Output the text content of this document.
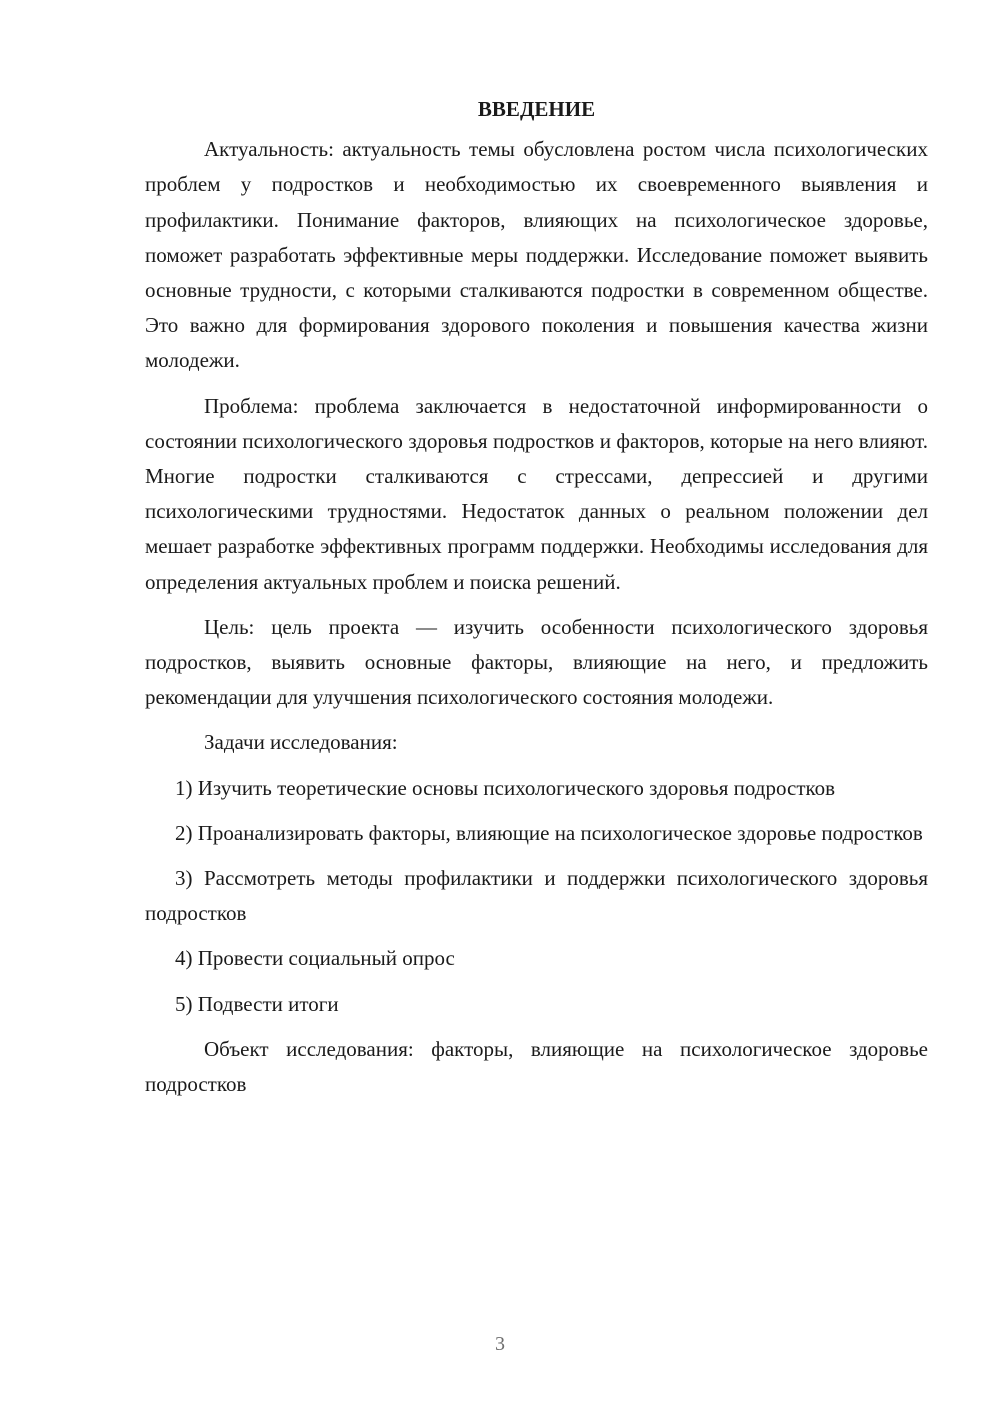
ВВЕДЕНИЕ

Актуальность: актуальность темы обусловлена ростом числа психологических проблем у подростков и необходимостью их своевременного выявления и профилактики. Понимание факторов, влияющих на психологическое здоровье, поможет разработать эффективные меры поддержки. Исследование поможет выявить основные трудности, с которыми сталкиваются подростки в современном обществе. Это важно для формирования здорового поколения и повышения качества жизни молодежи.

Проблема: проблема заключается в недостаточной информированности о состоянии психологического здоровья подростков и факторов, которые на него влияют. Многие подростки сталкиваются с стрессами, депрессией и другими психологическими трудностями. Недостаток данных о реальном положении дел мешает разработке эффективных программ поддержки. Необходимы исследования для определения актуальных проблем и поиска решений.

Цель: цель проекта — изучить особенности психологического здоровья подростков, выявить основные факторы, влияющие на него, и предложить рекомендации для улучшения психологического состояния молодежи.

Задачи исследования:

1) Изучить теоретические основы психологического здоровья подростков

2) Проанализировать факторы, влияющие на психологическое здоровье подростков

3) Рассмотреть методы профилактики и поддержки психологического здоровья подростков

4) Провести социальный опрос

5) Подвести итоги

Объект исследования: факторы, влияющие на психологическое здоровье подростков

3
